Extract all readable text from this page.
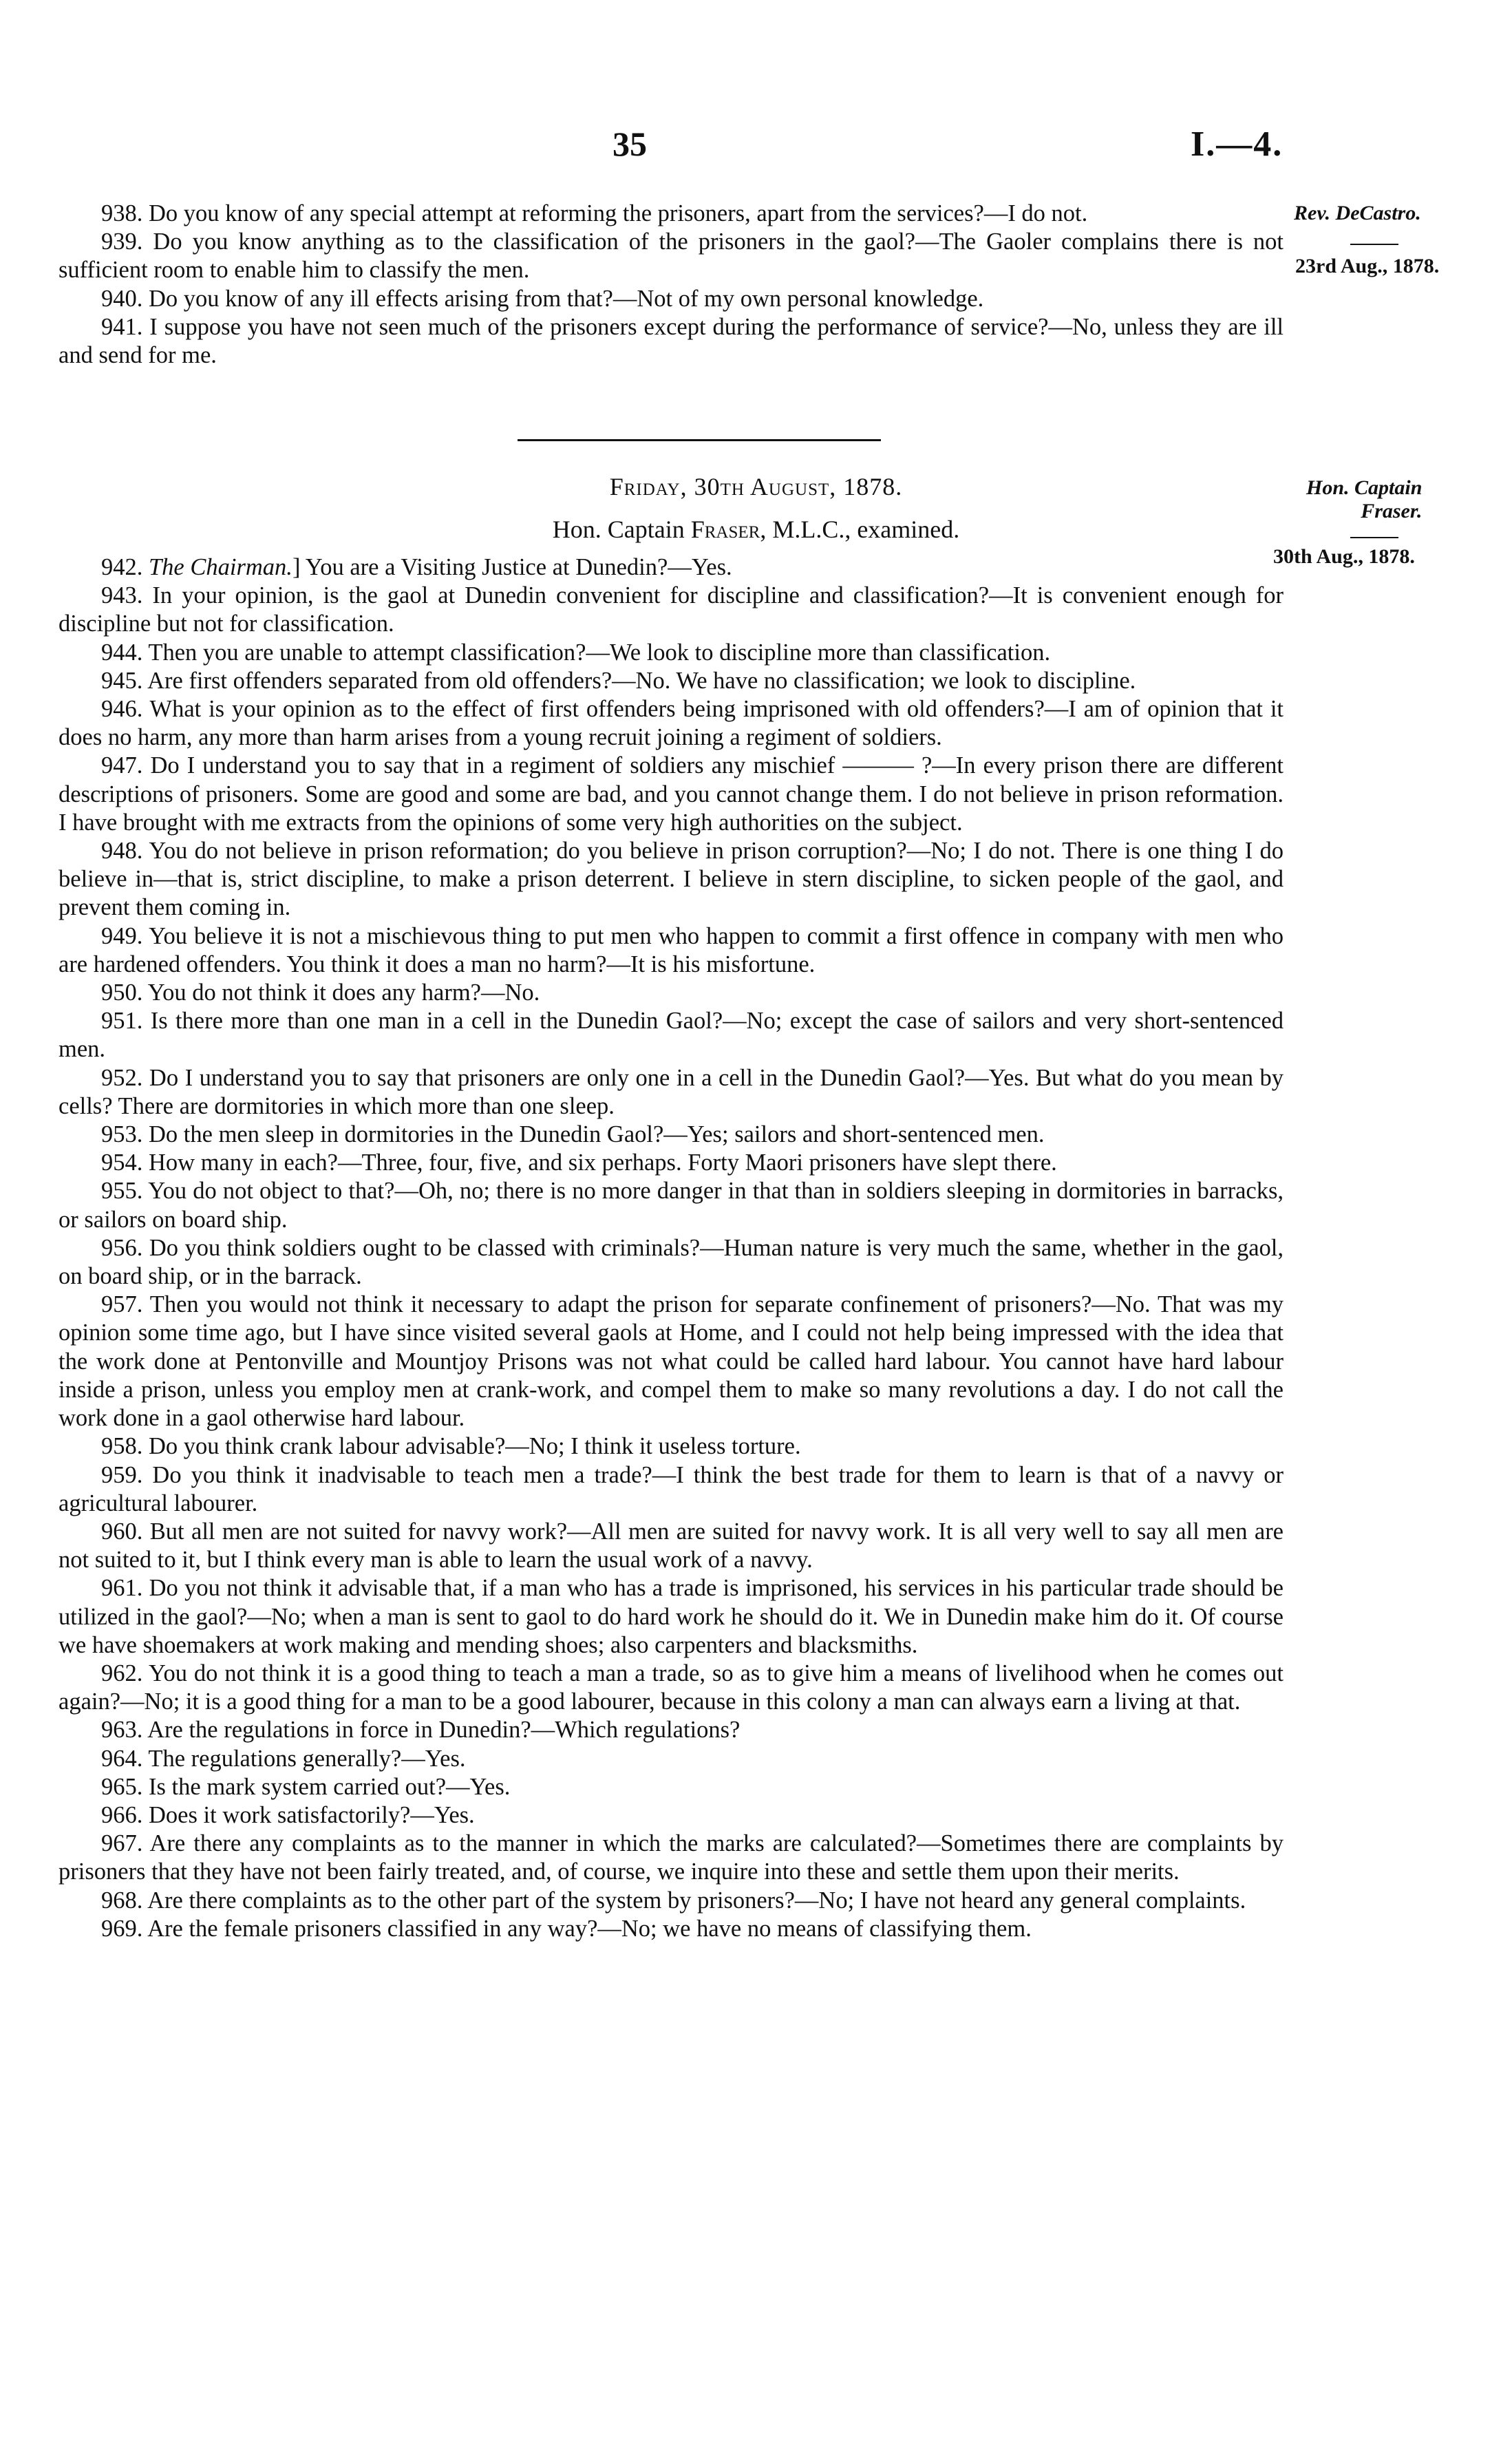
35	I.—4.
Rev. DeCastro.
23rd Aug., 1878.

938. Do you know of any special attempt at reforming the prisoners, apart from the services?—I do not.

939. Do you know anything as to the classification of the prisoners in the gaol?—The Gaoler complains there is not sufficient room to enable him to classify the men.

940. Do you know of any ill effects arising from that?—Not of my own personal knowledge.

941. I suppose you have not seen much of the prisoners except during the performance of service?—No, unless they are ill and send for me.

Friday, 30th August, 1878.
Hon. Captain Fraser, M.L.C., examined.
Hon. Captain
Fraser.
30th Aug., 1878.

942. The Chairman.] You are a Visiting Justice at Dunedin?—Yes.

943. In your opinion, is the gaol at Dunedin convenient for discipline and classification?—It is convenient enough for discipline but not for classification.

944. Then you are unable to attempt classification?—We look to discipline more than classification.

945. Are first offenders separated from old offenders?—No. We have no classification; we look to discipline.

946. What is your opinion as to the effect of first offenders being imprisoned with old offenders?—I am of opinion that it does no harm, any more than harm arises from a young recruit joining a regiment of soldiers.

947. Do I understand you to say that in a regiment of soldiers any mischief ——— ?—In every prison there are different descriptions of prisoners. Some are good and some are bad, and you cannot change them. I do not believe in prison reformation. I have brought with me extracts from the opinions of some very high authorities on the subject.

948. You do not believe in prison reformation; do you believe in prison corruption?—No; I do not. There is one thing I do believe in—that is, strict discipline, to make a prison deterrent. I believe in stern discipline, to sicken people of the gaol, and prevent them coming in.

949. You believe it is not a mischievous thing to put men who happen to commit a first offence in company with men who are hardened offenders. You think it does a man no harm?—It is his misfortune.

950. You do not think it does any harm?—No.

951. Is there more than one man in a cell in the Dunedin Gaol?—No; except the case of sailors and very short-sentenced men.

952. Do I understand you to say that prisoners are only one in a cell in the Dunedin Gaol?—Yes. But what do you mean by cells? There are dormitories in which more than one sleep.

953. Do the men sleep in dormitories in the Dunedin Gaol?—Yes; sailors and short-sentenced men.

954. How many in each?—Three, four, five, and six perhaps. Forty Maori prisoners have slept there.

955. You do not object to that?—Oh, no; there is no more danger in that than in soldiers sleeping in dormitories in barracks, or sailors on board ship.

956. Do you think soldiers ought to be classed with criminals?—Human nature is very much the same, whether in the gaol, on board ship, or in the barrack.

957. Then you would not think it necessary to adapt the prison for separate confinement of prisoners?—No. That was my opinion some time ago, but I have since visited several gaols at Home, and I could not help being impressed with the idea that the work done at Pentonville and Mountjoy Prisons was not what could be called hard labour. You cannot have hard labour inside a prison, unless you employ men at crank-work, and compel them to make so many revolutions a day. I do not call the work done in a gaol otherwise hard labour.

958. Do you think crank labour advisable?—No; I think it useless torture.

959. Do you think it inadvisable to teach men a trade?—I think the best trade for them to learn is that of a navvy or agricultural labourer.

960. But all men are not suited for navvy work?—All men are suited for navvy work. It is all very well to say all men are not suited to it, but I think every man is able to learn the usual work of a navvy.

961. Do you not think it advisable that, if a man who has a trade is imprisoned, his services in his particular trade should be utilized in the gaol?—No; when a man is sent to gaol to do hard work he should do it. We in Dunedin make him do it. Of course we have shoemakers at work making and mending shoes; also carpenters and blacksmiths.

962. You do not think it is a good thing to teach a man a trade, so as to give him a means of livelihood when he comes out again?—No; it is a good thing for a man to be a good labourer, because in this colony a man can always earn a living at that.

963. Are the regulations in force in Dunedin?—Which regulations?

964. The regulations generally?—Yes.

965. Is the mark system carried out?—Yes.

966. Does it work satisfactorily?—Yes.

967. Are there any complaints as to the manner in which the marks are calculated?—Sometimes there are complaints by prisoners that they have not been fairly treated, and, of course, we inquire into these and settle them upon their merits.

968. Are there complaints as to the other part of the system by prisoners?—No; I have not heard any general complaints.

969. Are the female prisoners classified in any way?—No; we have no means of classifying them.
